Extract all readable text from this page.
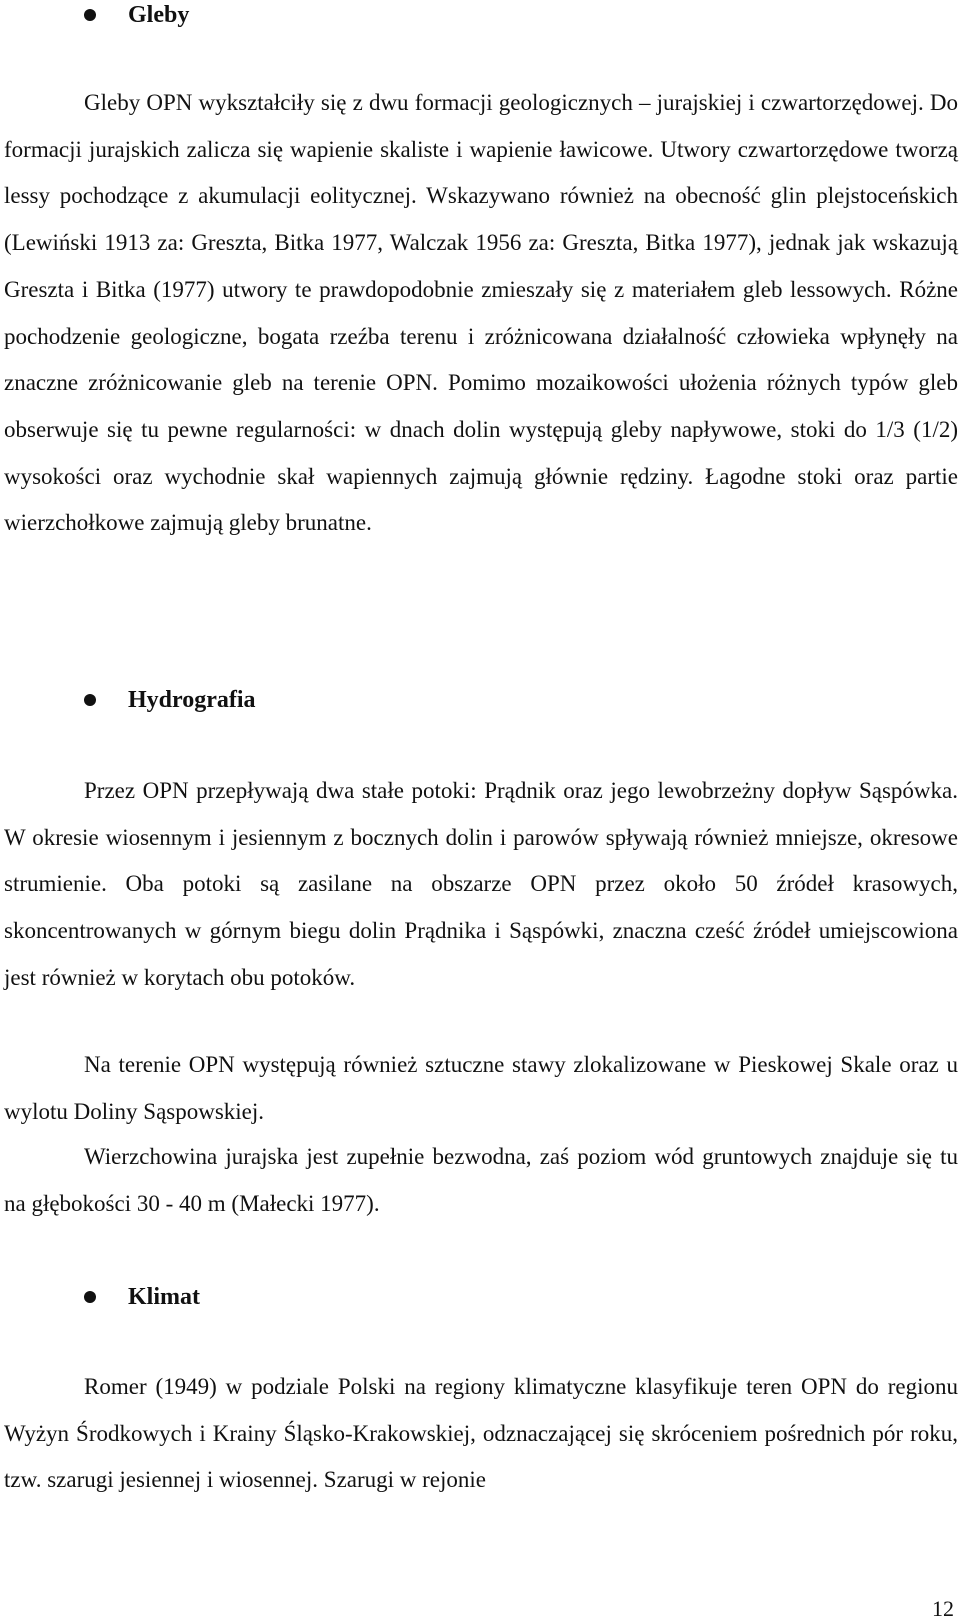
Gleby

Gleby OPN wykształciły się z dwu formacji geologicznych – jurajskiej i czwartorzędowej. Do formacji jurajskich zalicza się wapienie skaliste i wapienie ławicowe. Utwory czwartorzędowe tworzą lessy pochodzące z akumulacji eolitycznej. Wskazywano również na obecność glin plejstoceńskich (Lewiński 1913 za: Greszta, Bitka 1977, Walczak 1956 za: Greszta, Bitka 1977), jednak jak wskazują Greszta i Bitka (1977) utwory te prawdopodobnie zmieszały się z materiałem gleb lessowych. Różne pochodzenie geologiczne, bogata rzeźba terenu i zróżnicowana działalność człowieka wpłynęły na znaczne zróżnicowanie gleb na terenie OPN. Pomimo mozaikowości ułożenia różnych typów gleb obserwuje się tu pewne regularności: w dnach dolin występują gleby napływowe, stoki do 1/3 (1/2) wysokości oraz wychodnie skał wapiennych zajmują głównie rędziny. Łagodne stoki oraz partie wierzchołkowe zajmują gleby brunatne.

Hydrografia

Przez OPN przepływają dwa stałe potoki: Prądnik oraz jego lewobrzeżny dopływ Sąspówka. W okresie wiosennym i jesiennym z bocznych dolin i parowów spływają również mniejsze, okresowe strumienie. Oba potoki są zasilane na obszarze OPN przez około 50 źródeł krasowych, skoncentrowanych w górnym biegu dolin Prądnika i Sąspówki, znaczna cześć źródeł umiejscowiona jest również w korytach obu potoków.

Na terenie OPN występują również sztuczne stawy zlokalizowane w Pieskowej Skale oraz u wylotu Doliny Sąspowskiej.

Wierzchowina jurajska jest zupełnie bezwodna, zaś poziom wód gruntowych znajduje się tu na głębokości 30 - 40 m (Małecki 1977).

Klimat

Romer (1949) w podziale Polski na regiony klimatyczne klasyfikuje teren OPN do regionu Wyżyn Środkowych i Krainy Śląsko-Krakowskiej, odznaczającej się skróceniem pośrednich pór roku, tzw. szarugi jesiennej i wiosennej. Szarugi w rejonie

12
